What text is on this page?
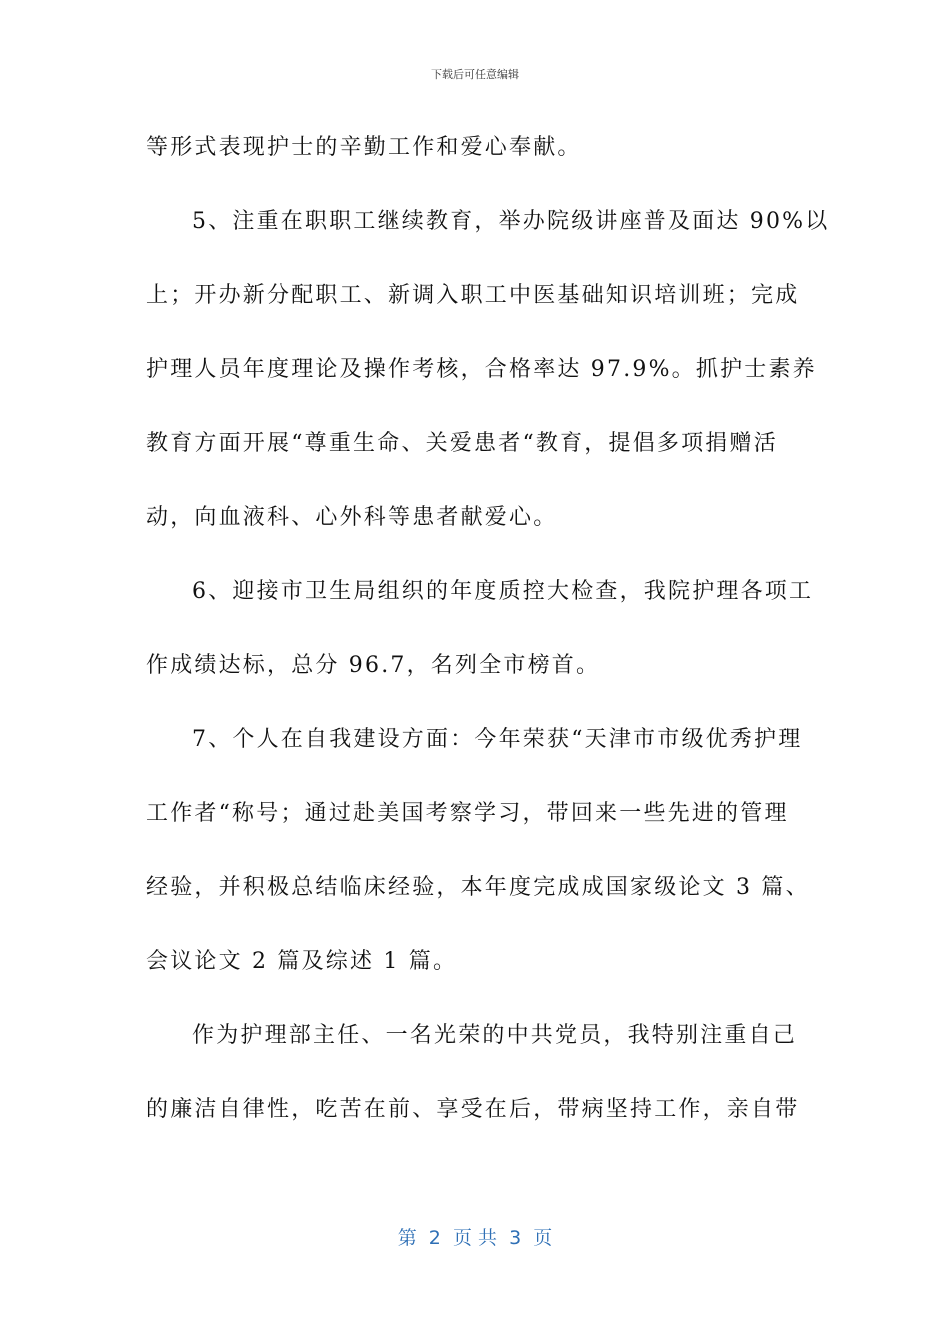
下载后可任意编辑
等形式表现护士的辛勤工作和爱心奉献。
5、注重在职职工继续教育，举办院级讲座普及面达 90%以
上；开办新分配职工、新调入职工中医基础知识培训班；完成
护理人员年度理论及操作考核，合格率达 97.9%。抓护士素养
教育方面开展“尊重生命、关爱患者“教育，提倡多项捐赠活
动，向血液科、心外科等患者献爱心。
6、迎接市卫生局组织的年度质控大检查，我院护理各项工
作成绩达标，总分 96.7，名列全市榜首。
7、个人在自我建设方面：今年荣获“天津市市级优秀护理
工作者“称号；通过赴美国考察学习，带回来一些先进的管理
经验，并积极总结临床经验，本年度完成成国家级论文 3 篇、
会议论文 2 篇及综述 1 篇。
作为护理部主任、一名光荣的中共党员，我特别注重自己
的廉洁自律性，吃苦在前、享受在后，带病坚持工作，亲自带
第  2  页 共  3  页
